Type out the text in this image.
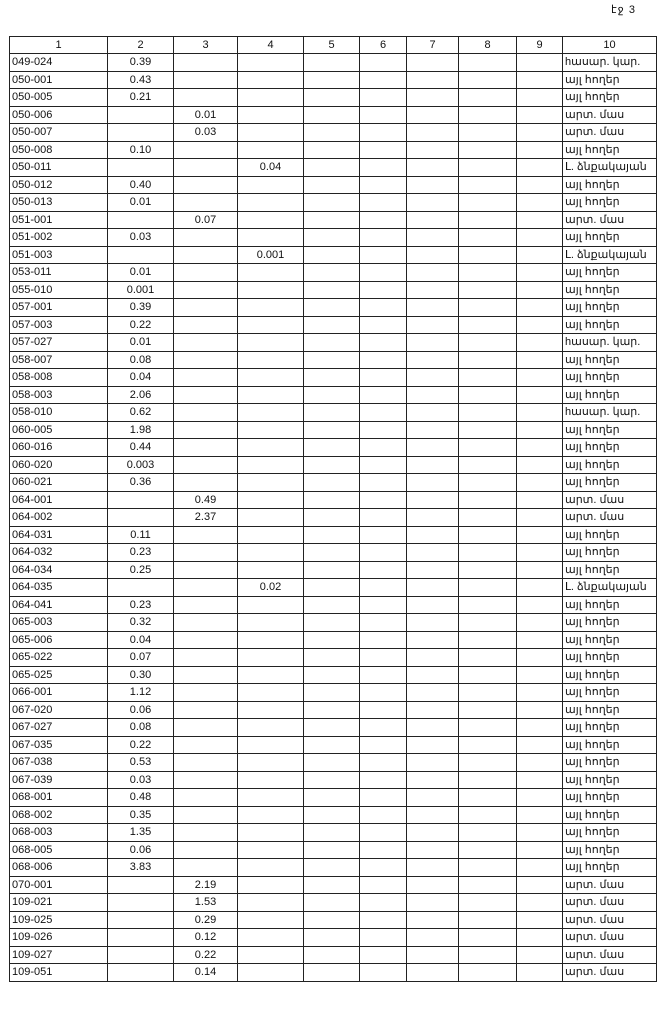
էջ 3
1	2	3	4	5	6	7	8	9	10
049-024	0.39								hասար. կար.
050-001	0.43								այլ հողեր
050-005	0.21								այլ հողեր
050-006		0.01							արտ. մաս
050-007		0.03							արտ. մաս
050-008	0.10								այլ հողեր
050-011			0.04						Լ. ձնքակայան
050-012	0.40								այլ հողեր
050-013	0.01								այլ հողեր
051-001		0.07							արտ. մաս
051-002	0.03								այլ հողեր
051-003			0.001						Լ. ձնքակայան
053-011	0.01								այլ հողեր
055-010	0.001								այլ հողեր
057-001	0.39								այլ հողեր
057-003	0.22								այլ հողեր
057-027	0.01								hասար. կար.
058-007	0.08								այլ հողեր
058-008	0.04								այլ հողեր
058-003	2.06								այլ հողեր
058-010	0.62								hասար. կար.
060-005	1.98								այլ հողեր
060-016	0.44								այլ հողեր
060-020	0.003								այլ հողեր
060-021	0.36								այլ հողեր
064-001		0.49							արտ. մաս
064-002		2.37							արտ. մաս
064-031	0.11								այլ հողեր
064-032	0.23								այլ հողեր
064-034	0.25								այլ հողեր
064-035			0.02						Լ. ձնքակայան
064-041	0.23								այլ հողեր
065-003	0.32								այլ հողեր
065-006	0.04								այլ հողեր
065-022	0.07								այլ հողեր
065-025	0.30								այլ հողեր
066-001	1.12								այլ հողեր
067-020	0.06								այլ հողեր
067-027	0.08								այլ հողեր
067-035	0.22								այլ հողեր
067-038	0.53								այլ հողեր
067-039	0.03								այլ հողեր
068-001	0.48								այլ հողեր
068-002	0.35								այլ հողեր
068-003	1.35								այլ հողեր
068-005	0.06								այլ հողեր
068-006	3.83								այլ հողեր
070-001		2.19							արտ. մաս
109-021		1.53							արտ. մաս
109-025		0.29							արտ. մաս
109-026		0.12							արտ. մաս
109-027		0.22							արտ. մաս
109-051		0.14							արտ. մաս
